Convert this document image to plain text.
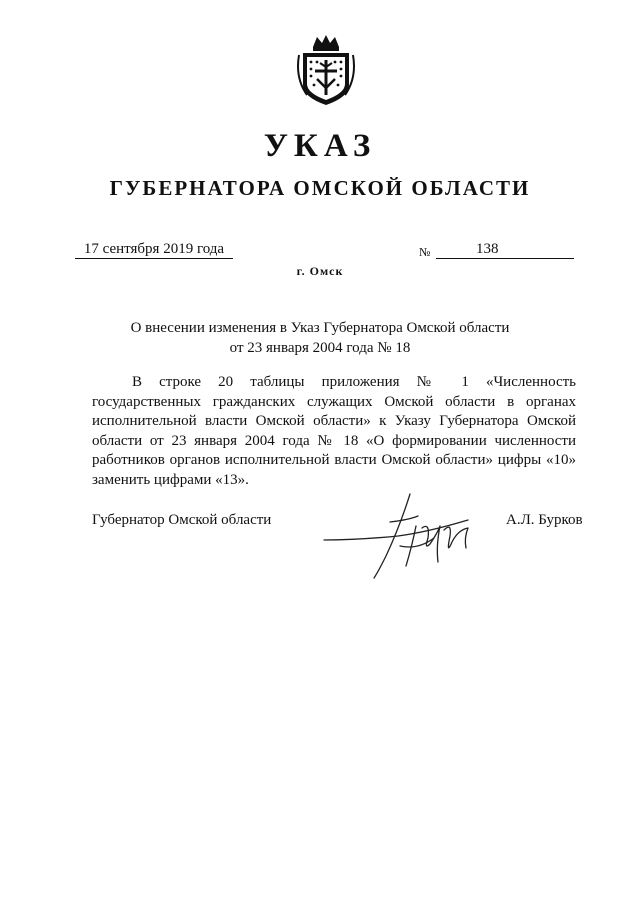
УКАЗ
ГУБЕРНАТОРА ОМСКОЙ ОБЛАСТИ
17 сентября 2019 года	№	138
г. Омск
О внесении изменения в Указ Губернатора Омской области
от 23 января 2004 года № 18

В строке 20 таблицы приложения № 1 «Численность государственных гражданских служащих Омской области в органах исполнительной власти Омской области» к Указу Губернатора Омской области от 23 января 2004 года № 18 «О формировании численности работников органов исполнительной власти Омской области» цифры «10» заменить цифрами «13».

Губернатор Омской области	А.Л. Бурков
